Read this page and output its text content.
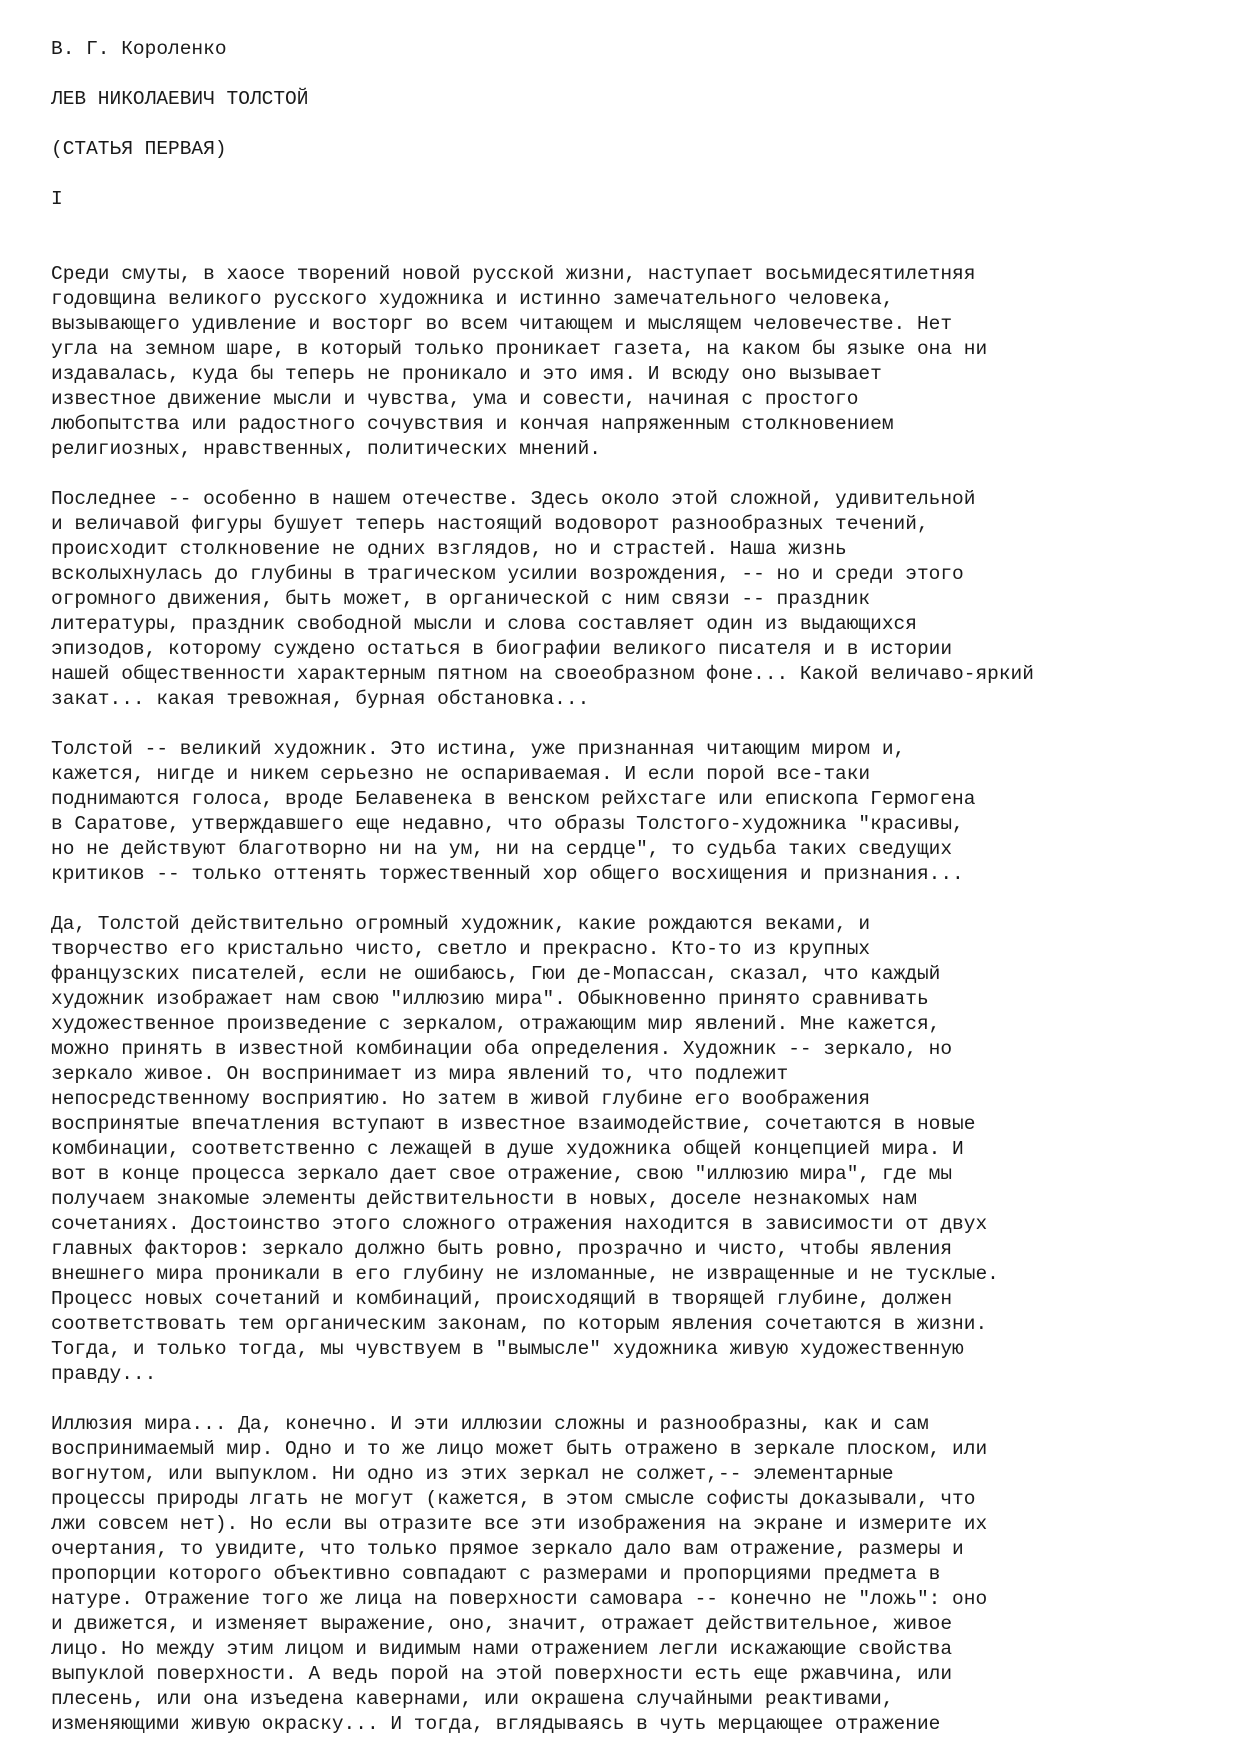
В. Г. Короленко
ЛЕВ НИКОЛАЕВИЧ ТОЛСТОЙ
(СТАТЬЯ ПЕРВАЯ)
I
Среди смуты, в хаосе творений новой русской жизни, наступает восьмидесятилетняя
годовщина великого русского художника и истинно замечательного человека,
вызывающего удивление и восторг во всем читающем и мыслящем человечестве. Нет
угла на земном шаре, в который только проникает газета, на каком бы языке она ни
издавалась, куда бы теперь не проникало и это имя. И всюду оно вызывает
известное движение мысли и чувства, ума и совести, начиная с простого
любопытства или радостного сочувствия и кончая напряженным столкновением
религиозных, нравственных, политических мнений.
Последнее -- особенно в нашем отечестве. Здесь около этой сложной, удивительной
и величавой фигуры бушует теперь настоящий водоворот разнообразных течений,
происходит столкновение не одних взглядов, но и страстей. Наша жизнь
всколыхнулась до глубины в трагическом усилии возрождения, -- но и среди этого
огромного движения, быть может, в органической с ним связи -- праздник
литературы, праздник свободной мысли и слова составляет один из выдающихся
эпизодов, которому суждено остаться в биографии великого писателя и в истории
нашей общественности характерным пятном на своеобразном фоне... Какой величаво-яркий
закат... какая тревожная, бурная обстановка...
Толстой -- великий художник. Это истина, уже признанная читающим миром и,
кажется, нигде и никем серьезно не оспариваемая. И если порой все-таки
поднимаются голоса, вроде Белавенека в венском рейхстаге или епископа Гермогена
в Саратове, утверждавшего еще недавно, что образы Толстого-художника "красивы,
но не действуют благотворно ни на ум, ни на сердце", то судьба таких сведущих
критиков -- только оттенять торжественный хор общего восхищения и признания...
Да, Толстой действительно огромный художник, какие рождаются веками, и
творчество его кристально чисто, светло и прекрасно. Кто-то из крупных
французских писателей, если не ошибаюсь, Гюи де-Мопассан, сказал, что каждый
художник изображает нам свою "иллюзию мира". Обыкновенно принято сравнивать
художественное произведение с зеркалом, отражающим мир явлений. Мне кажется,
можно принять в известной комбинации оба определения. Художник -- зеркало, но
зеркало живое. Он воспринимает из мира явлений то, что подлежит
непосредственному восприятию. Но затем в живой глубине его воображения
воспринятые впечатления вступают в известное взаимодействие, сочетаются в новые
комбинации, соответственно с лежащей в душе художника общей концепцией мира. И
вот в конце процесса зеркало дает свое отражение, свою "иллюзию мира", где мы
получаем знакомые элементы действительности в новых, доселе незнакомых нам
сочетаниях. Достоинство этого сложного отражения находится в зависимости от двух
главных факторов: зеркало должно быть ровно, прозрачно и чисто, чтобы явления
внешнего мира проникали в его глубину не изломанные, не извращенные и не тусклые.
Процесс новых сочетаний и комбинаций, происходящий в творящей глубине, должен
соответствовать тем органическим законам, по которым явления сочетаются в жизни.
Тогда, и только тогда, мы чувствуем в "вымысле" художника живую художественную
правду...
Иллюзия мира... Да, конечно. И эти иллюзии сложны и разнообразны, как и сам
воспринимаемый мир. Одно и то же лицо может быть отражено в зеркале плоском, или
вогнутом, или выпуклом. Ни одно из этих зеркал не солжет,-- элементарные
процессы природы лгать не могут (кажется, в этом смысле софисты доказывали, что
лжи совсем нет). Но если вы отразите все эти изображения на экране и измерите их
очертания, то увидите, что только прямое зеркало дало вам отражение, размеры и
пропорции которого объективно совпадают с размерами и пропорциями предмета в
натуре. Отражение того же лица на поверхности самовара -- конечно не "ложь": оно
и движется, и изменяет выражение, оно, значит, отражает действительное, живое
лицо. Но между этим лицом и видимым нами отражением легли искажающие свойства
выпуклой поверхности. А ведь порой на этой поверхности есть еще ржавчина, или
плесень, или она изъедена кавернами, или окрашена случайными реактивами,
изменяющими живую окраску... И тогда, вглядываясь в чуть мерцающее отражение
